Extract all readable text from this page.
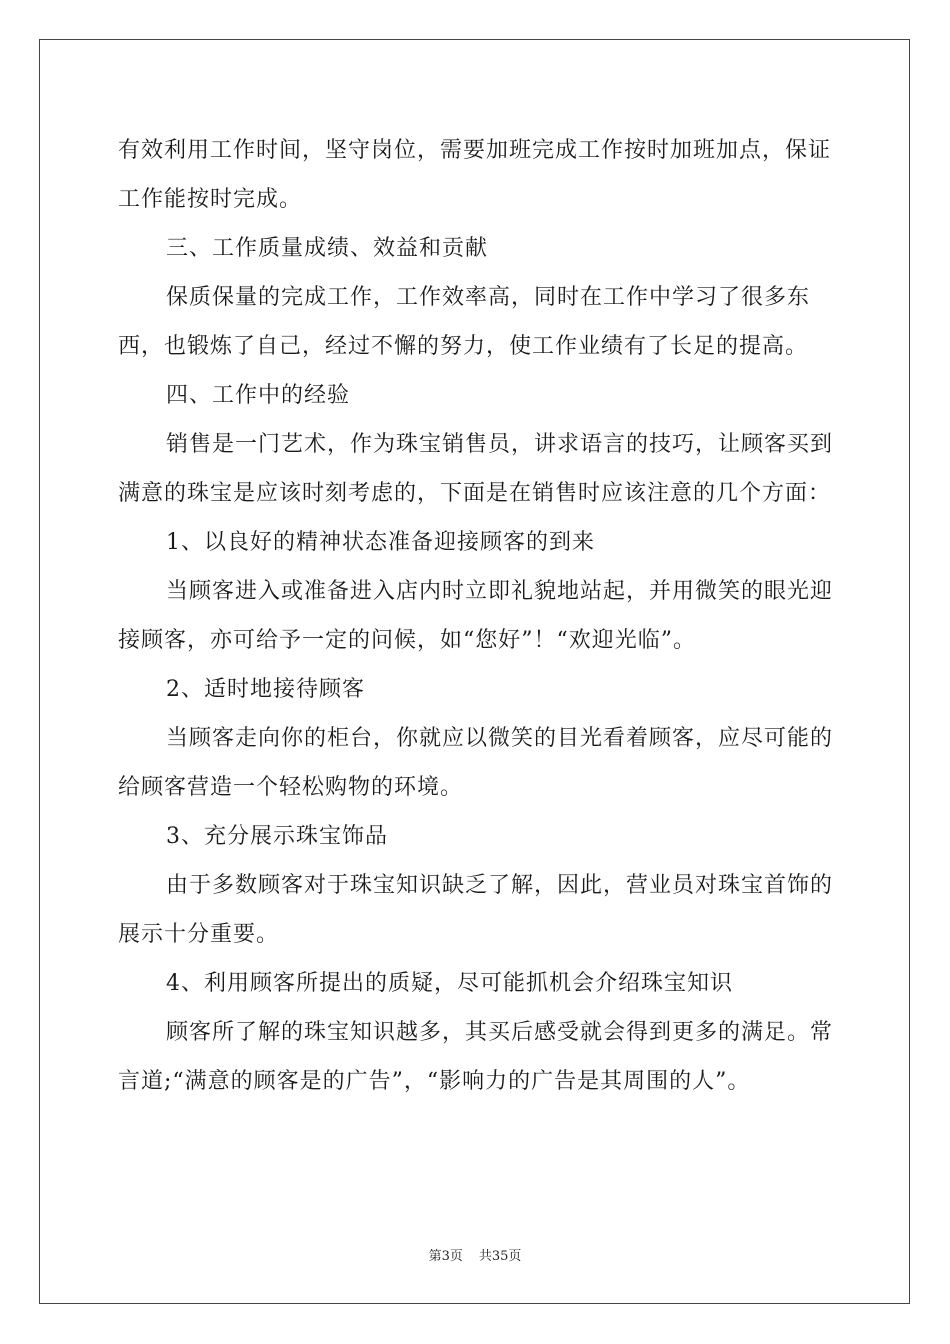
有效利用工作时间，坚守岗位，需要加班完成工作按时加班加点，保证工作能按时完成。

三、工作质量成绩、效益和贡献

保质保量的完成工作，工作效率高，同时在工作中学习了很多东西，也锻炼了自己，经过不懈的努力，使工作业绩有了长足的提高。

四、工作中的经验

销售是一门艺术，作为珠宝销售员，讲求语言的技巧，让顾客买到满意的珠宝是应该时刻考虑的，下面是在销售时应该注意的几个方面：

1、以良好的精神状态准备迎接顾客的到来

当顾客进入或准备进入店内时立即礼貌地站起，并用微笑的眼光迎接顾客，亦可给予一定的问候，如“您好”！“欢迎光临”。

2、适时地接待顾客

当顾客走向你的柜台，你就应以微笑的目光看着顾客，应尽可能的给顾客营造一个轻松购物的环境。

3、充分展示珠宝饰品

由于多数顾客对于珠宝知识缺乏了解，因此，营业员对珠宝首饰的展示十分重要。

4、利用顾客所提出的质疑，尽可能抓机会介绍珠宝知识

顾客所了解的珠宝知识越多，其买后感受就会得到更多的满足。常言道;“满意的顾客是的广告”，“影响力的广告是其周围的人”。

第3页 共35页
